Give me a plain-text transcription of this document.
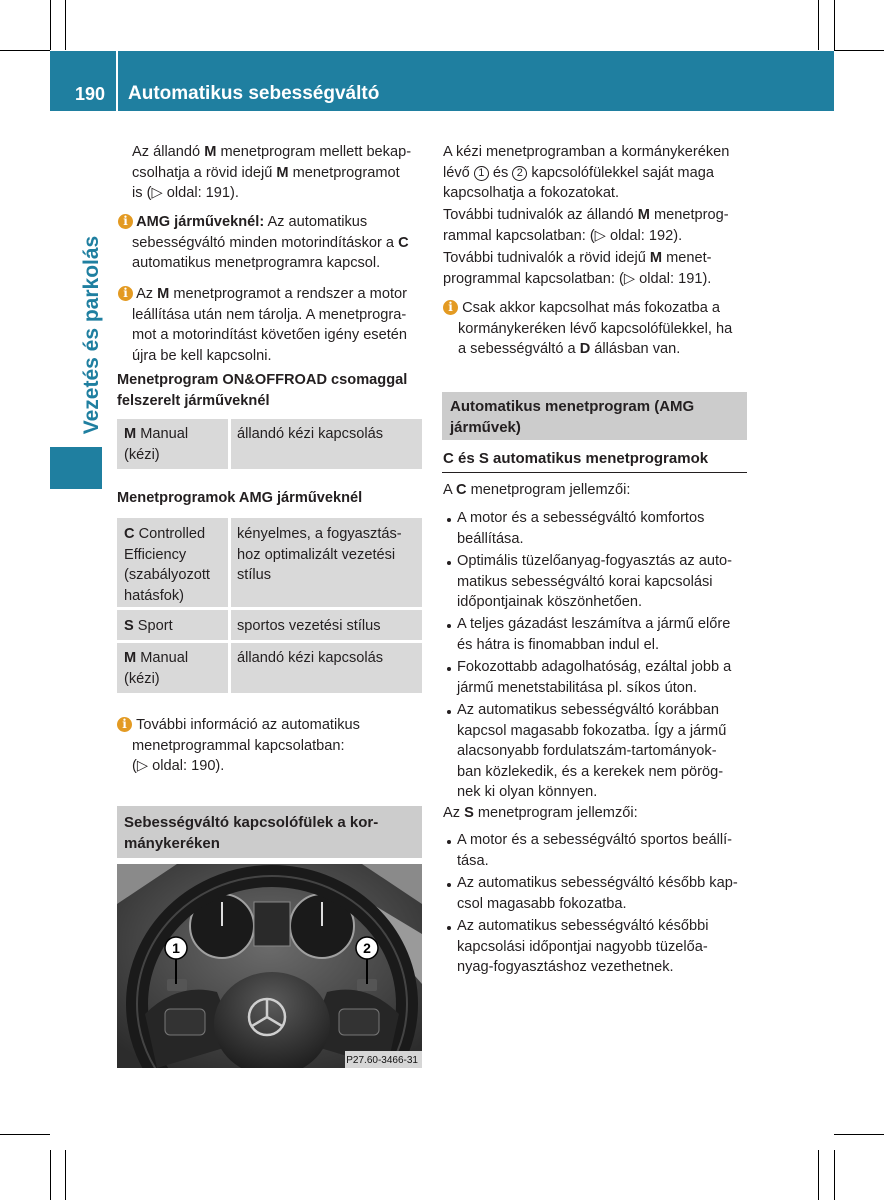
190 Automatikus sebességváltó
Vezetés és parkolás
Az állandó M menetprogram mellett bekap-
csolhatja a rövid idejű M menetprogramot
is (▷ oldal: 191).
i AMG járműveknél: Az automatikus
sebességváltó minden motorindításkor a C
automatikus menetprogramra kapcsol.
i Az M menetprogramot a rendszer a motor
leállítása után nem tárolja. A menetprogra-
mot a motorindítást követően igény esetén
újra be kell kapcsolni.
Menetprogram ON&OFFROAD csomaggal
felszerelt járműveknél
M Manual
(kézi)
állandó kézi kapcsolás
Menetprogramok AMG járműveknél
C Controlled
Efficiency
(szabályozott
hatásfok)
kényelmes, a fogyasztás-
hoz optimalizált vezetési
stílus
S Sport	sportos vezetési stílus
M Manual
(kézi)
állandó kézi kapcsolás
i További információ az automatikus
menetprogrammal kapcsolatban:
(▷ oldal: 190).
Sebességváltó kapcsolófülek a kor-
mánykeréken
1	2
P27.60-3466-31
A kézi menetprogramban a kormánykeréken
lévő 1 és 2 kapcsolófülekkel saját maga
kapcsolhatja a fokozatokat.
További tudnivalók az állandó M menetprog-
rammal kapcsolatban: (▷ oldal: 192).
További tudnivalók a rövid idejű M menet-
programmal kapcsolatban: (▷ oldal: 191).
i Csak akkor kapcsolhat más fokozatba a
kormánykeréken lévő kapcsolófülekkel, ha
a sebességváltó a D állásban van.
Automatikus menetprogram (AMG
járművek)
C és S automatikus menetprogramok
A C menetprogram jellemzői:
A motor és a sebességváltó komfortos
beállítása.
Optimális tüzelőanyag-fogyasztás az auto-
matikus sebességváltó korai kapcsolási
időpontjainak köszönhetően.
A teljes gázadást leszámítva a jármű előre
és hátra is finomabban indul el.
Fokozottabb adagolhatóság, ezáltal jobb a
jármű menetstabilitása pl. síkos úton.
Az automatikus sebességváltó korábban
kapcsol magasabb fokozatba. Így a jármű
alacsonyabb fordulatszám-tartományok-
ban közlekedik, és a kerekek nem pörög-
nek ki olyan könnyen.
Az S menetprogram jellemzői:
A motor és a sebességváltó sportos beállí-
tása.
Az automatikus sebességváltó később kap-
csol magasabb fokozatba.
Az automatikus sebességváltó későbbi
kapcsolási időpontjai nagyobb tüzelőa-
nyag-fogyasztáshoz vezethetnek.
